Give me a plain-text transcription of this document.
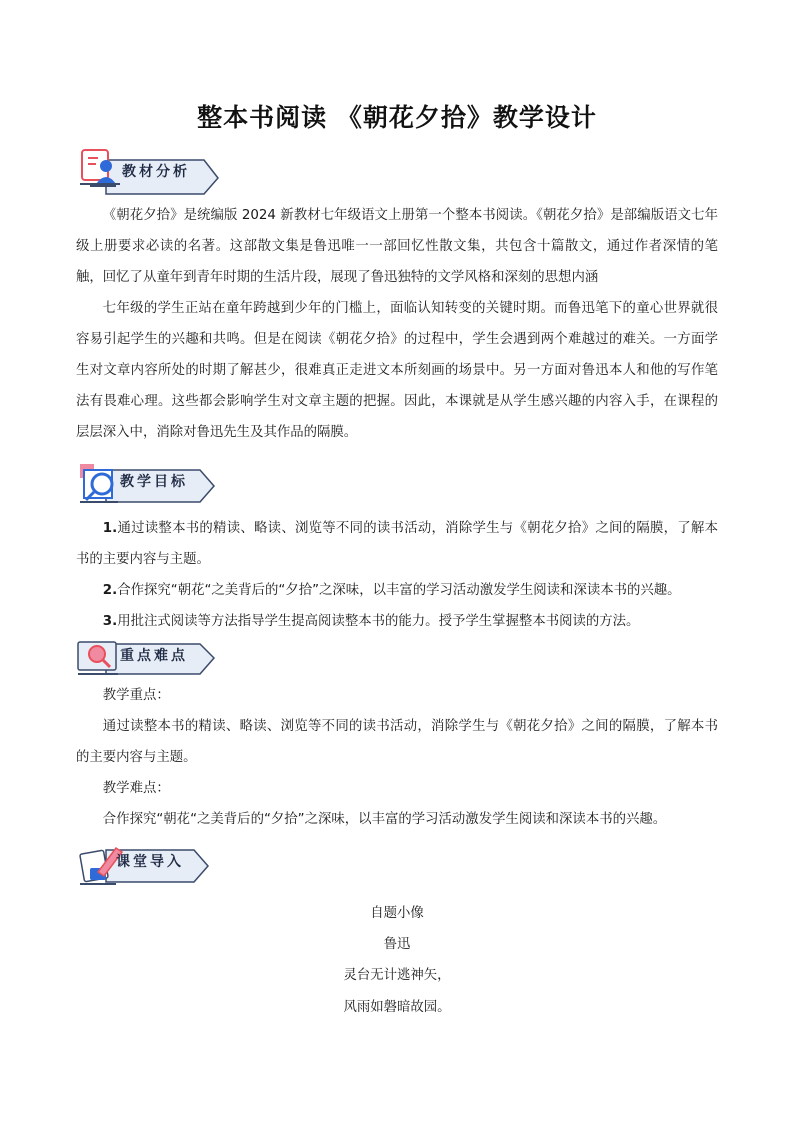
整本书阅读 《朝花夕拾》教学设计
教材分析

《朝花夕拾》是统编版 2024 新教材七年级语文上册第一个整本书阅读。《朝花夕拾》是部编版语文七年级上册要求必读的名著。这部散文集是鲁迅唯一一部回忆性散文集，共包含十篇散文，通过作者深情的笔触，回忆了从童年到青年时期的生活片段，展现了鲁迅独特的文学风格和深刻的思想内涵

七年级的学生正站在童年跨越到少年的门槛上，面临认知转变的关键时期。而鲁迅笔下的童心世界就很容易引起学生的兴趣和共鸣。但是在阅读《朝花夕拾》的过程中，学生会遇到两个难越过的难关。一方面学生对文章内容所处的时期了解甚少，很难真正走进文本所刻画的场景中。另一方面对鲁迅本人和他的写作笔法有畏难心理。这些都会影响学生对文章主题的把握。因此，本课就是从学生感兴趣的内容入手，在课程的层层深入中，消除对鲁迅先生及其作品的隔膜。

教学目标

1.通过读整本书的精读、略读、浏览等不同的读书活动，消除学生与《朝花夕拾》之间的隔膜，了解本书的主要内容与主题。

2.合作探究“朝花“之美背后的“夕拾”之深味，以丰富的学习活动激发学生阅读和深读本书的兴趣。

3.用批注式阅读等方法指导学生提高阅读整本书的能力。授予学生掌握整本书阅读的方法。

重点难点

教学重点：

通过读整本书的精读、略读、浏览等不同的读书活动，消除学生与《朝花夕拾》之间的隔膜，了解本书的主要内容与主题。

教学难点：

合作探究“朝花“之美背后的“夕拾”之深味，以丰富的学习活动激发学生阅读和深读本书的兴趣。

课堂导入
自题小像
鲁迅
灵台无计逃神矢，
风雨如磐暗故园。
